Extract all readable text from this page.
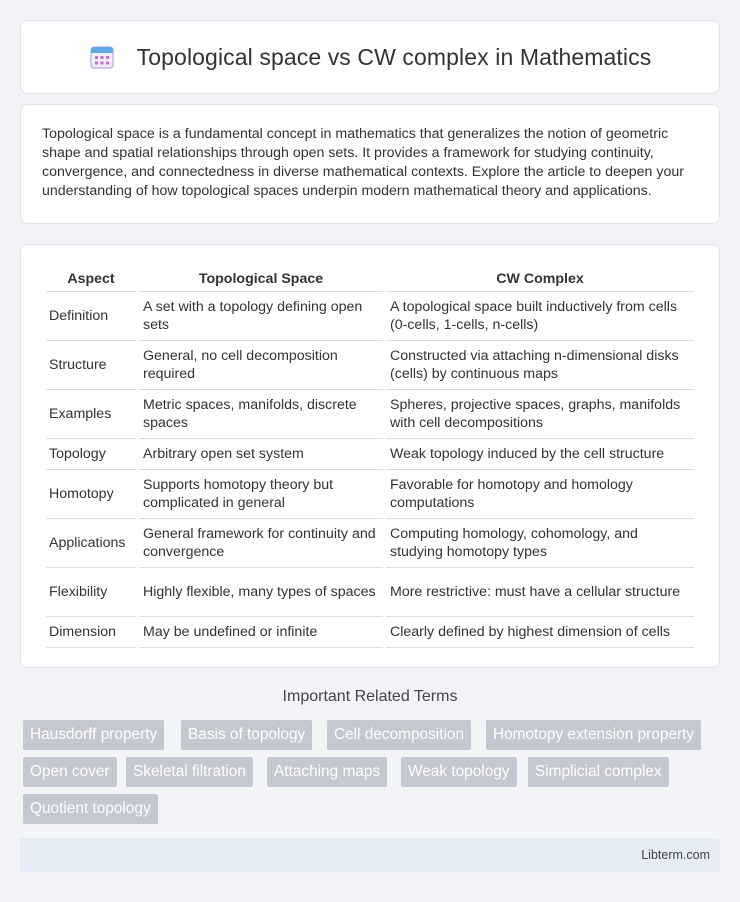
Topological space vs CW complex in Mathematics

Topological space is a fundamental concept in mathematics that generalizes the notion of geometric shape and spatial relationships through open sets. It provides a framework for studying continuity, convergence, and connectedness in diverse mathematical contexts. Explore the article to deepen your understanding of how topological spaces underpin modern mathematical theory and applications.

Aspect	Topological Space	CW Complex
Definition	A set with a topology defining open sets	A topological space built inductively from cells (0-cells, 1-cells, n-cells)
Structure	General, no cell decomposition required	Constructed via attaching n-dimensional disks (cells) by continuous maps
Examples	Metric spaces, manifolds, discrete spaces	Spheres, projective spaces, graphs, manifolds with cell decompositions
Topology	Arbitrary open set system	Weak topology induced by the cell structure
Homotopy	Supports homotopy theory but complicated in general	Favorable for homotopy and homology computations
Applications	General framework for continuity and convergence	Computing homology, cohomology, and studying homotopy types
Flexibility	Highly flexible, many types of spaces	More restrictive: must have a cellular structure
Dimension	May be undefined or infinite	Clearly defined by highest dimension of cells
Important Related Terms
Hausdorff property	Basis of topology	Cell decomposition	Homotopy extension property
Open cover	Skeletal filtration	Attaching maps	Weak topology	Simplicial complex
Quotient topology
Libterm.com
